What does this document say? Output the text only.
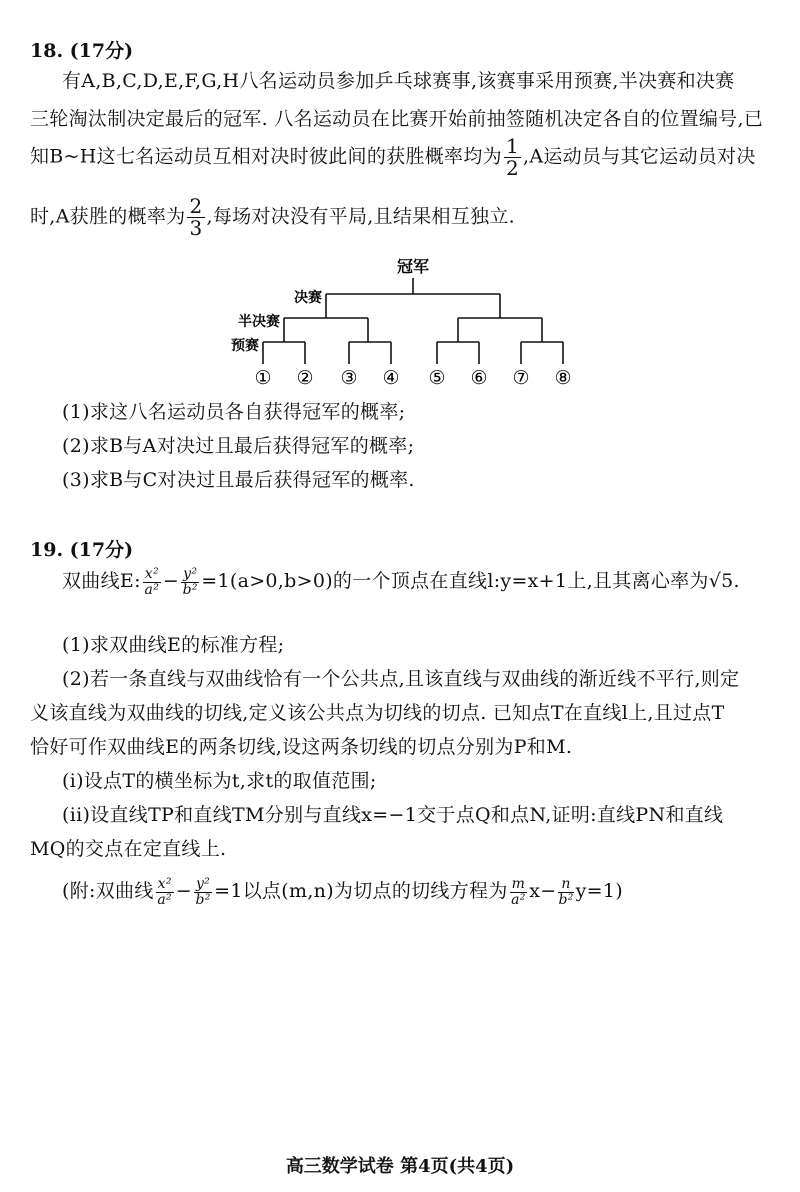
18. (17分)
有A,B,C,D,E,F,G,H八名运动员参加乒乓球赛事,该赛事采用预赛,半决赛和决赛
三轮淘汰制决定最后的冠军. 八名运动员在比赛开始前抽签随机决定各自的位置编号,已
知B~H这七名运动员互相对决时彼此间的获胜概率均为 $\frac{1}{2} ,A$运动员与其它运动员对决
时,A获胜的概率为 $\frac{2}{3}$ ,每场对决没有平局,且结果相互独立.
冠军
决赛
半决赛
预赛
① ② ③ ④ ⑤ ⑥ ⑦ ⑧
(1)求这八名运动员各自获得冠军的概率;
(2)求B与A对决过且最后获得冠军的概率;
(3)求B与C对决过且最后获得冠军的概率.
19. (17分)
双曲线E: $\frac{\text{x²}}{\text{a²}} - \frac{\text{y²}}{\text{b²}} =1(a>0,b>0)$的一个顶点在直线l:y=x+1上,且其离心率为√5.
(1)求双曲线E的标准方程;
(2)若一条直线与双曲线恰有一个公共点,且该直线与双曲线的渐近线不平行,则定
义该直线为双曲线的切线,定义该公共点为切线的切点. 已知点T在直线l上,且过点T
恰好可作双曲线E的两条切线,设这两条切线的切点分别为P和M.
(i)设点T的横坐标为t,求t的取值范围;
(ii)设直线TP和直线TM分别与直线x=−1交于点Q和点N,证明:直线PN和直线
MQ的交点在定直线上.
(附:双曲线 $\frac{\text{x²}}{\text{a²}} - \frac{\text{y²}}{\text{b²}} =1$以点(m,n)为切点的切线方程为 $\frac{m}{\text{a²}} x- \frac{n}{\text{b²}} y=1$)
高三数学试卷 第4页(共4页)
